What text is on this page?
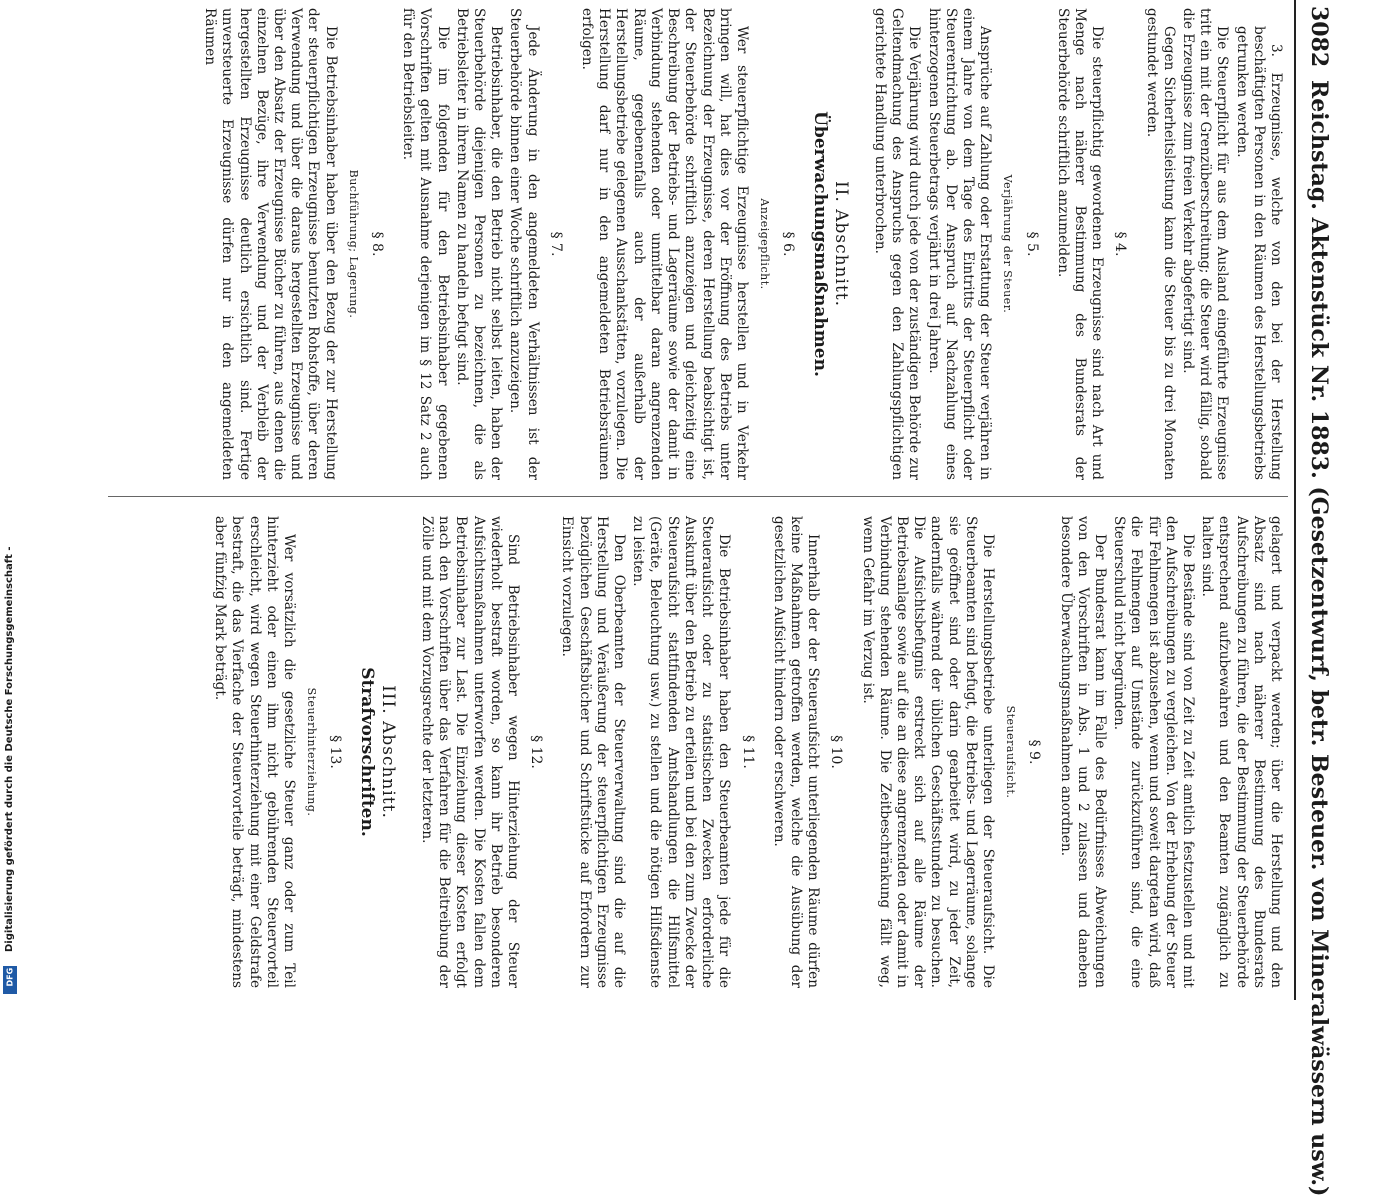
3082
Reichstag. Aktenstück Nr. 1883. (Gesetzentwurf, betr. Besteuer. von Mineralwässern usw.)

3. Erzeugnisse, welche von den bei der Herstellung beschäftigten Personen in den Räumen des Herstellungsbetriebs getrunken werden.

Die Steuerpflicht für aus dem Ausland eingeführte Erzeugnisse tritt ein mit der Grenzüberschreitung; die Steuer wird fällig, sobald die Erzeugnisse zum freien Verkehr abgefertigt sind.

Gegen Sicherheitsleistung kann die Steuer bis zu drei Monaten gestundet werden.

§ 4.

Die steuerpflichtig gewordenen Erzeugnisse sind nach Art und Menge nach näherer Bestimmung des Bundesrats der Steuerbehörde schriftlich anzumelden.

§ 5.
Verjährung der Steuer.

Ansprüche auf Zahlung oder Erstattung der Steuer verjähren in einem Jahre von dem Tage des Eintritts der Steuerpflicht oder Steuerentrichtung ab. Der Anspruch auf Nachzahlung eines hinterzogenen Steuerbetrags verjährt in drei Jahren.

Die Verjährung wird durch jede von der zuständigen Behörde zur Geltendmachung des Anspruchs gegen den Zahlungspflichtigen gerichtete Handlung unterbrochen.

II. Abschnitt.
Überwachungsmaßnahmen.
§ 6.
Anzeigepflicht.

Wer steuerpflichtige Erzeugnisse herstellen und in Verkehr bringen will, hat dies vor der Eröffnung des Betriebs unter Bezeichnung der Erzeugnisse, deren Herstellung beabsichtigt ist, der Steuerbehörde schriftlich anzuzeigen und gleichzeitig eine Beschreibung der Betriebs- und Lagerräume sowie der damit in Verbindung stehenden oder unmittelbar daran angrenzenden Räume, gegebenenfalls auch der außerhalb der Herstellungsbetriebe gelegenen Ausschankstätten, vorzulegen. Die Herstellung darf nur in den angemeldeten Betriebsräumen erfolgen.

§ 7.

Jede Änderung in den angemeldeten Verhältnissen ist der Steuerbehörde binnen einer Woche schriftlich anzuzeigen.

Betriebsinhaber, die den Betrieb nicht selbst leiten, haben der Steuerbehörde diejenigen Personen zu bezeichnen, die als Betriebsleiter in ihrem Namen zu handeln befugt sind.

Die im folgenden für den Betriebsinhaber gegebenen Vorschriften gelten mit Ausnahme derjenigen im § 12 Satz 2 auch für den Betriebsleiter.

§ 8.
Buchführung; Lagerung.

Die Betriebsinhaber haben über den Bezug der zur Herstellung der steuerpflichtigen Erzeugnisse benutzten Rohstoffe, über deren Verwendung und über die daraus hergestellten Erzeugnisse und über den Absatz der Erzeugnisse Bücher zu führen, aus denen die einzelnen Bezüge, ihre Verwendung und der Verbleib der hergestellten Erzeugnisse deutlich ersichtlich sind. Fertige unversteuerte Erzeugnisse dürfen nur in den angemeldeten Räumen

gelagert und verpackt werden; über die Herstellung und den Absatz sind nach näherer Bestimmung des Bundesrats Aufschreibungen zu führen, die der Bestimmung der Steuerbehörde entsprechend aufzubewahren und den Beamten zugänglich zu halten sind.

Die Bestände sind von Zeit zu Zeit amtlich festzustellen und mit den Aufschreibungen zu vergleichen. Von der Erhebung der Steuer für Fehlmengen ist abzusehen, wenn und soweit dargetan wird, daß die Fehlmengen auf Umstände zurückzuführen sind, die eine Steuerschuld nicht begründen.

Der Bundesrat kann im Falle des Bedürfnisses Abweichungen von den Vorschriften in Abs. 1 und 2 zulassen und daneben besondere Überwachungsmaßnahmen anordnen.

§ 9.
Steueraufsicht.

Die Herstellungsbetriebe unterliegen der Steueraufsicht. Die Steuerbeamten sind befugt, die Betriebs- und Lagerräume, solange sie geöffnet sind oder darin gearbeitet wird, zu jeder Zeit, andernfalls während der üblichen Geschäftsstunden zu besuchen. Die Aufsichtsbefugnis erstreckt sich auf alle Räume der Betriebsanlage sowie auf die an diese angrenzenden oder damit in Verbindung stehenden Räume. Die Zeitbeschränkung fällt weg, wenn Gefahr im Verzug ist.

§ 10.

Innerhalb der der Steueraufsicht unterliegenden Räume dürfen keine Maßnahmen getroffen werden, welche die Ausübung der gesetzlichen Aufsicht hindern oder erschweren.

§ 11.

Die Betriebsinhaber haben den Steuerbeamten jede für die Steueraufsicht oder zu statistischen Zwecken erforderliche Auskunft über den Betrieb zu erteilen und bei den zum Zwecke der Steueraufsicht stattfindenden Amtshandlungen die Hilfsmittel (Geräte, Beleuchtung usw.) zu stellen und die nötigen Hilfsdienste zu leisten.

Den Oberbeamten der Steuerverwaltung sind die auf die Herstellung und Veräußerung der steuerpflichtigen Erzeugnisse bezüglichen Geschäftsbücher und Schriftstücke auf Erfordern zur Einsicht vorzulegen.

§ 12.

Sind Betriebsinhaber wegen Hinterziehung der Steuer wiederholt bestraft worden, so kann ihr Betrieb besonderen Aufsichtsmaßnahmen unterworfen werden. Die Kosten fallen dem Betriebsinhaber zur Last. Die Einziehung dieser Kosten erfolgt nach den Vorschriften über das Verfahren für die Beitreibung der Zölle und mit dem Vorzugsrechte der letzteren.

III. Abschnitt.
Strafvorschriften.
§ 13.
Steuerhinterziehung.

Wer vorsätzlich die gesetzliche Steuer ganz oder zum Teil hinterzieht oder einen ihm nicht gebührenden Steuervorteil erschleicht, wird wegen Steuerhinterziehung mit einer Geldstrafe bestraft, die das Vierfache der Steuervorteile beträgt, mindestens aber fünfzig Mark beträgt.

Digitalisierung gefördert durch die Deutsche Forschungsgemeinschaft -
DFG
